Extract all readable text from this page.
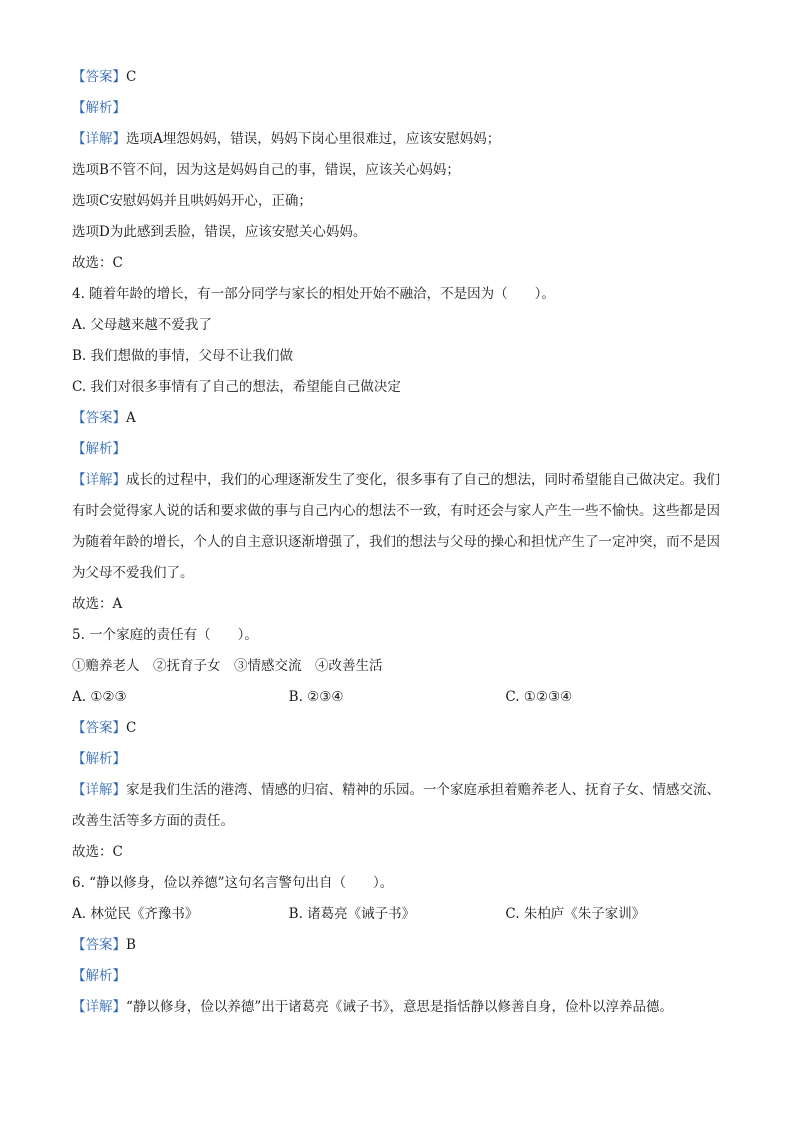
【答案】C
【解析】
【详解】选项A埋怨妈妈，错误，妈妈下岗心里很难过，应该安慰妈妈；
选项B不管不问，因为这是妈妈自己的事，错误，应该关心妈妈；
选项C安慰妈妈并且哄妈妈开心，正确；
选项D为此感到丢脸，错误，应该安慰关心妈妈。
故选：C
4. 随着年龄的增长，有一部分同学与家长的相处开始不融洽，不是因为（　　）。
A. 父母越来越不爱我了
B. 我们想做的事情，父母不让我们做
C. 我们对很多事情有了自己的想法，希望能自己做决定
【答案】A
【解析】
【详解】成长的过程中，我们的心理逐渐发生了变化，很多事有了自己的想法，同时希望能自己做决定。我们有时会觉得家人说的话和要求做的事与自己内心的想法不一致，有时还会与家人产生一些不愉快。这些都是因为随着年龄的增长，个人的自主意识逐渐增强了，我们的想法与父母的操心和担忧产生了一定冲突，而不是因为父母不爱我们了。
故选：A
5. 一个家庭的责任有（　　）。
①赡养老人　②抚育子女　③情感交流　④改善生活
A. ①②③	B. ②③④	C. ①②③④
【答案】C
【解析】
【详解】家是我们生活的港湾、情感的归宿、精神的乐园。一个家庭承担着赡养老人、抚育子女、情感交流、改善生活等多方面的责任。
故选：C
6. “静以修身，俭以养德”这句名言警句出自（　　）。
A. 林觉民《齐豫书》	B. 诸葛亮《诫子书》	C. 朱柏庐《朱子家训》
【答案】B
【解析】
【详解】“静以修身，俭以养德”出于诸葛亮《诫子书》，意思是指恬静以修善自身，俭朴以淳养品德。
